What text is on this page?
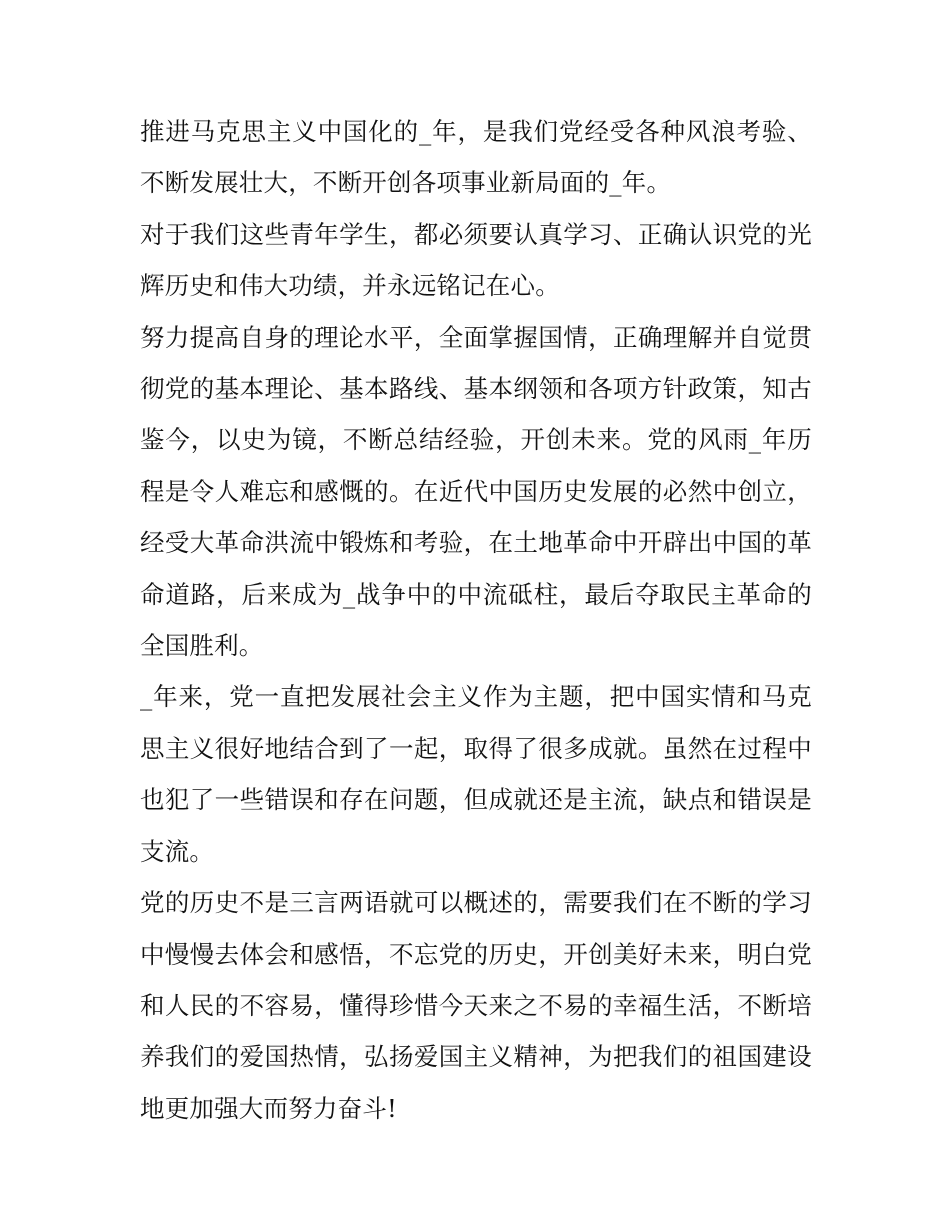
推进马克思主义中国化的_年，是我们党经受各种风浪考验、不断发展壮大，不断开创各项事业新局面的_年。

对于我们这些青年学生，都必须要认真学习、正确认识党的光辉历史和伟大功绩，并永远铭记在心。

努力提高自身的理论水平，全面掌握国情，正确理解并自觉贯彻党的基本理论、基本路线、基本纲领和各项方针政策，知古鉴今，以史为镜，不断总结经验，开创未来。党的风雨_年历程是令人难忘和感慨的。在近代中国历史发展的必然中创立，经受大革命洪流中锻炼和考验，在土地革命中开辟出中国的革命道路，后来成为_战争中的中流砥柱，最后夺取民主革命的全国胜利。

_年来，党一直把发展社会主义作为主题，把中国实情和马克思主义很好地结合到了一起，取得了很多成就。虽然在过程中也犯了一些错误和存在问题，但成就还是主流，缺点和错误是支流。

党的历史不是三言两语就可以概述的，需要我们在不断的学习中慢慢去体会和感悟，不忘党的历史，开创美好未来，明白党和人民的不容易，懂得珍惜今天来之不易的幸福生活，不断培养我们的爱国热情，弘扬爱国主义精神，为把我们的祖国建设地更加强大而努力奋斗!
